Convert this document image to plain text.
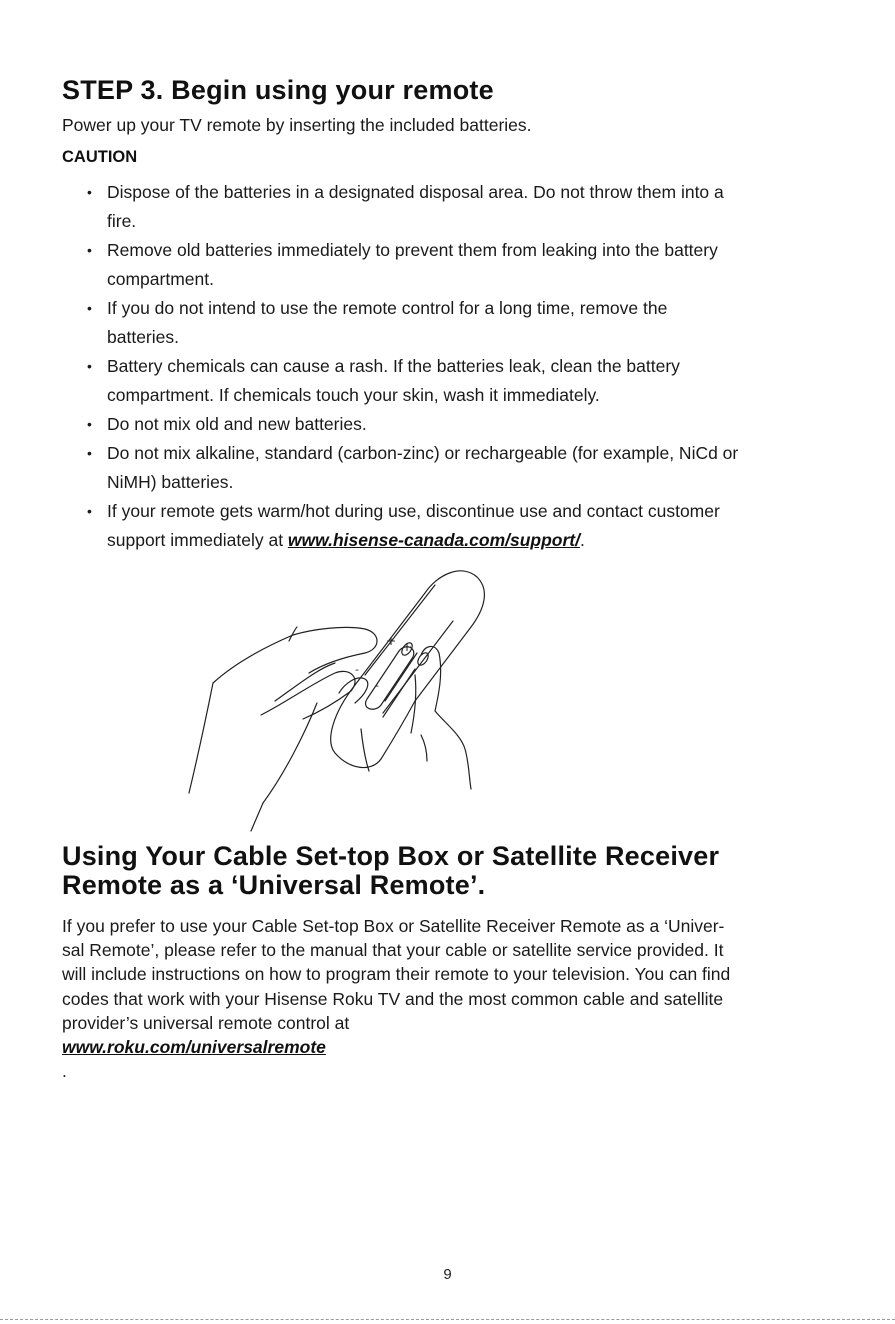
STEP 3. Begin using your remote

Power up your TV remote by inserting the included batteries.

CAUTION

• Dispose of the batteries in a designated disposal area. Do not throw them into a
fire.
• Remove old batteries immediately to prevent them from leaking into the battery
compartment.
• If you do not intend to use the remote control for a long time, remove the
batteries.
• Battery chemicals can cause a rash. If the batteries leak, clean the battery
compartment. If chemicals touch your skin, wash it immediately.
• Do not mix old and new batteries.
• Do not mix alkaline, standard (carbon-zinc) or rechargeable (for example, NiCd or
NiMH) batteries.
• If your remote gets warm/hot during use, discontinue use and contact customer
support immediately at www.hisense-canada.com/support/.
+ +
-
-
Using Your Cable Set-top Box or Satellite Receiver
Remote as a ‘Universal Remote’.

If you prefer to use your Cable Set-top Box or Satellite Receiver Remote as a ‘Univer-
sal Remote’, please refer to the manual that your cable or satellite service provided. It
will include instructions on how to program their remote to your television. You can find
codes that work with your Hisense Roku TV and the most common cable and satellite
provider’s universal remote control at
www.roku.com/universalremote
.

9
